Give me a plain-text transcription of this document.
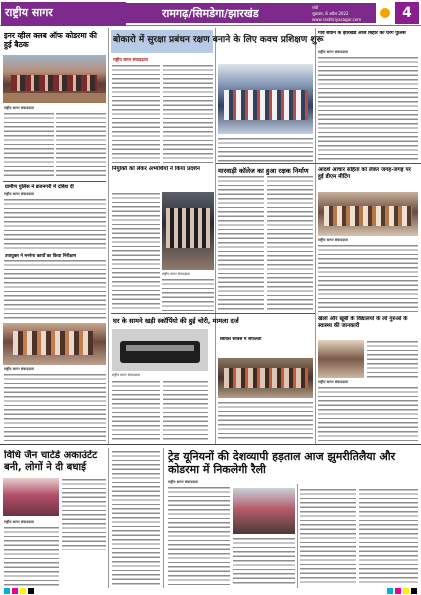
राष्ट्रीय सागर	रामगढ़/सिमडेगा/झारखंड	रांची
शुक्रवार, 8 अप्रैल 2022
www.rashtriyasagar.com	4
इनर व्हील क्लब ऑफ कोडरमा की हुई बैठक
राष्ट्रीय सागर संवाददाता
ग्रामीण पुलिस ने ब्रजनगरी में दबिश दी
राष्ट्रीय सागर संवाददाता
उपायुक्त ने मनरेगा कार्यों का किया निरीक्षण
राष्ट्रीय सागर संवाददाता
बोकारो में सुरक्षा प्रबंधन रक्षण बनाने के लिए कवच प्रशिक्षण शुरू
राष्ट्रीय सागर संवाददाता
नियुक्ति को लेकर अभ्यर्थियों ने किया प्रदर्शन
राष्ट्रीय सागर संवाददाता
घर के सामने खड़ी स्कॉर्पियो की हुई चोरी, मामला दर्ज
राष्ट्रीय सागर संवाददाता
मारवाड़ी कॉलेज का हुआ रक्षक निर्माण
सिविल सर्विस में सफलता
गांव बचाने के झारखंड आज बिहार को घेरेंगे पुलिस
राष्ट्रीय सागर संवाददाता
आदर्श आचार संहिता को लेकर जगह-जगह पर हुई डीएम मीटिंग
राष्ट्रीय सागर संवाददाता
खेलो और खूबी के विद्यालयों के लो गुरुओं के स्वास्थ्य की जानकारी
राष्ट्रीय सागर संवाददाता
विधि जैन चार्टर्ड अकाउंटेंट बनी, लोगों ने दी बधाई
राष्ट्रीय सागर संवाददाता
ट्रेड यूनियनों की देशव्यापी हड़ताल आज झुमरीतिलैया और कोडरमा में निकलेगी रैली
राष्ट्रीय सागर संवाददाता
